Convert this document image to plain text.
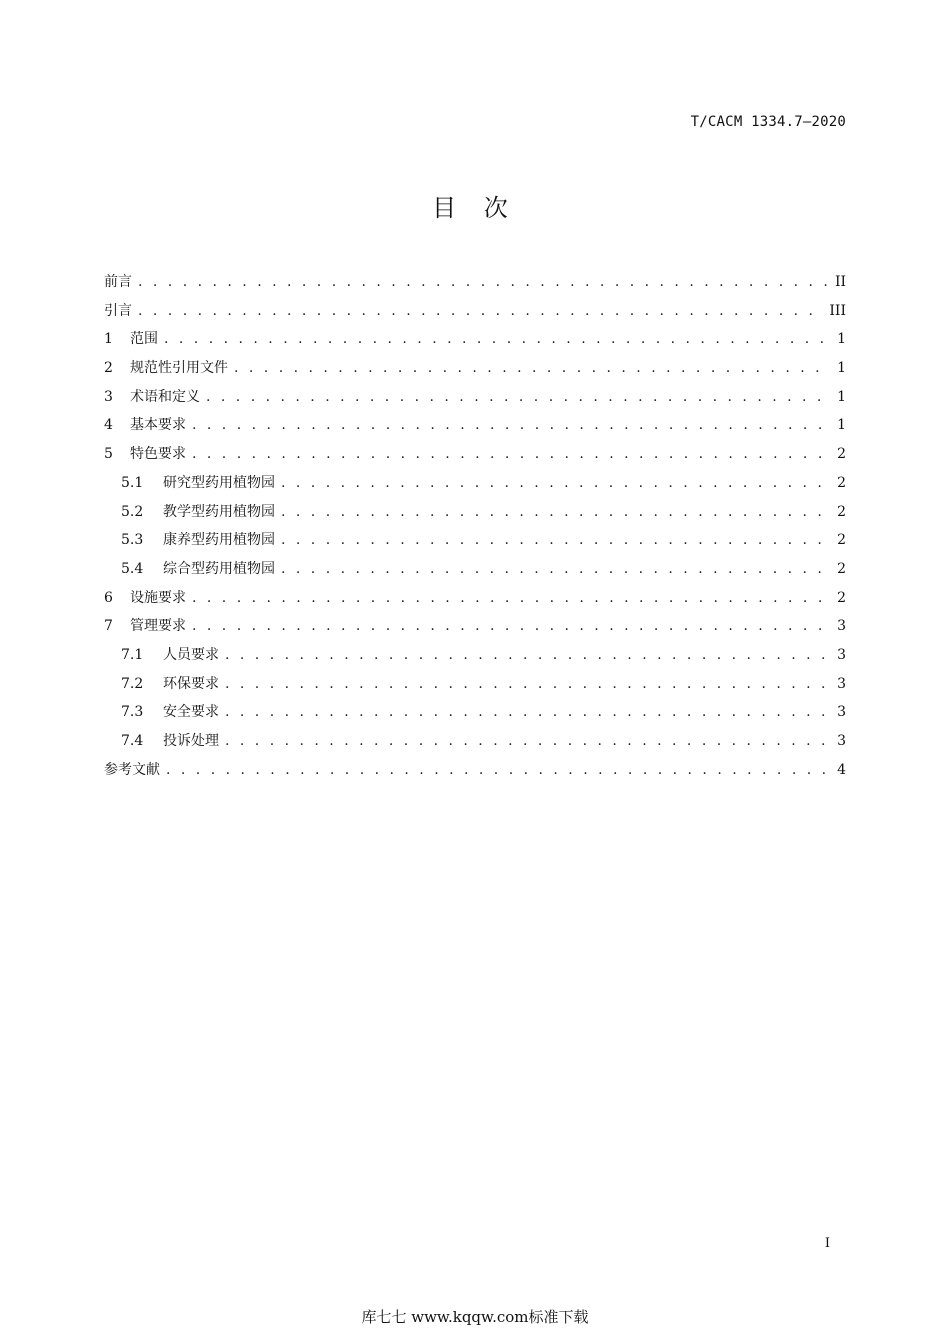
T/CACM 1334.7—2020
目 次
前言 . . .	II
引言 . . .	III
1	范围 . . .	1
2	规范性引用文件 . . .	1
3	术语和定义 . . .	1
4	基本要求 . . .	1
5	特色要求 . . .	2
5.1	研究型药用植物园 . . .	2
5.2	教学型药用植物园 . . .	2
5.3	康养型药用植物园 . . .	2
5.4	综合型药用植物园 . . .	2
6	设施要求 . . .	2
7	管理要求 . . .	3
7.1	人员要求 . . .	3
7.2	环保要求 . . .	3
7.3	安全要求 . . .	3
7.4	投诉处理 . . .	3
参考文献 . . .	4
I
库七七 www.kqqw.com标准下载
